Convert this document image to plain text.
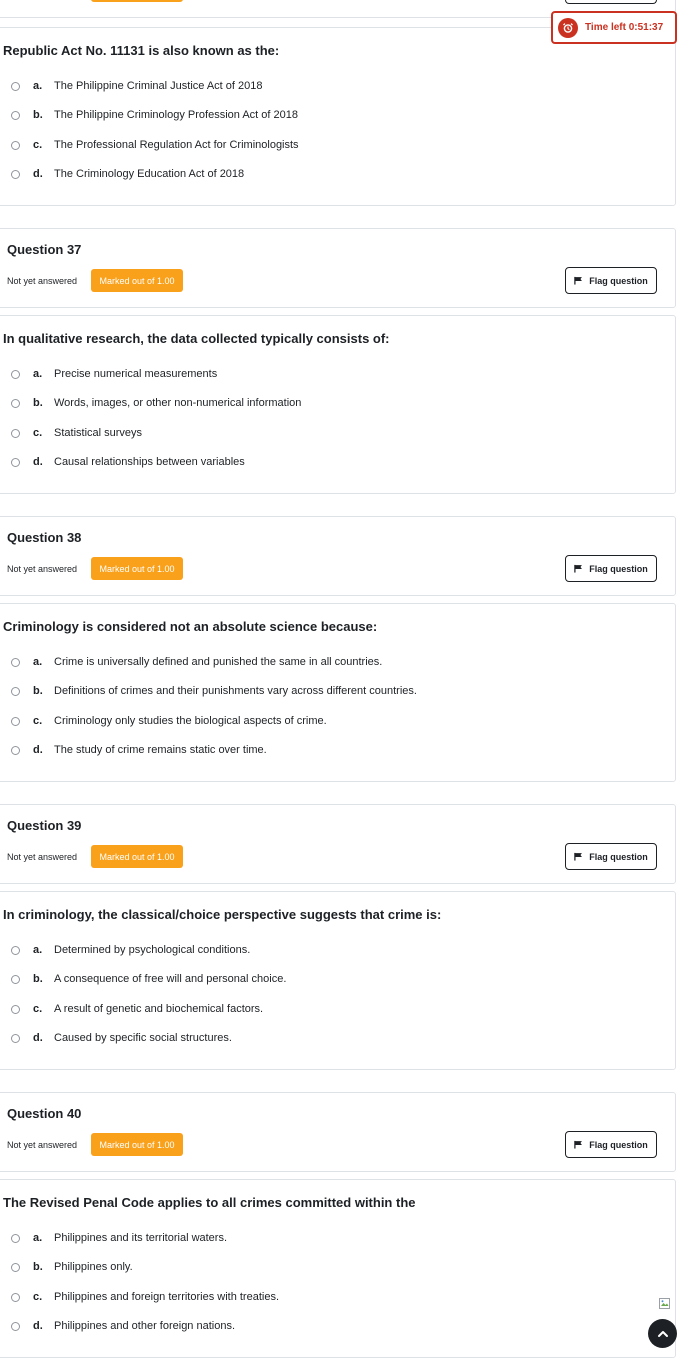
Republic Act No. 11131 is also known as the:
a.	The Philippine Criminal Justice Act of 2018
b.	The Philippine Criminology Profession Act of 2018
c.	The Professional Regulation Act for Criminologists
d.	The Criminology Education Act of 2018
Time left 0:51:37
Question 37
Not yet answered	Marked out of 1.00	Flag question
In qualitative research, the data collected typically consists of:
a.	Precise numerical measurements
b.	Words, images, or other non-numerical information
c.	Statistical surveys
d.	Causal relationships between variables
Question 38
Not yet answered	Marked out of 1.00	Flag question
Criminology is considered not an absolute science because:
a.	Crime is universally defined and punished the same in all countries.
b.	Definitions of crimes and their punishments vary across different countries.
c.	Criminology only studies the biological aspects of crime.
d.	The study of crime remains static over time.
Question 39
Not yet answered	Marked out of 1.00	Flag question
In criminology, the classical/choice perspective suggests that crime is:
a.	Determined by psychological conditions.
b.	A consequence of free will and personal choice.
c.	A result of genetic and biochemical factors.
d.	Caused by specific social structures.
Question 40
Not yet answered	Marked out of 1.00	Flag question
The Revised Penal Code applies to all crimes committed within the
a.	Philippines and its territorial waters.
b.	Philippines only.
c.	Philippines and foreign territories with treaties.
d.	Philippines and other foreign nations.
